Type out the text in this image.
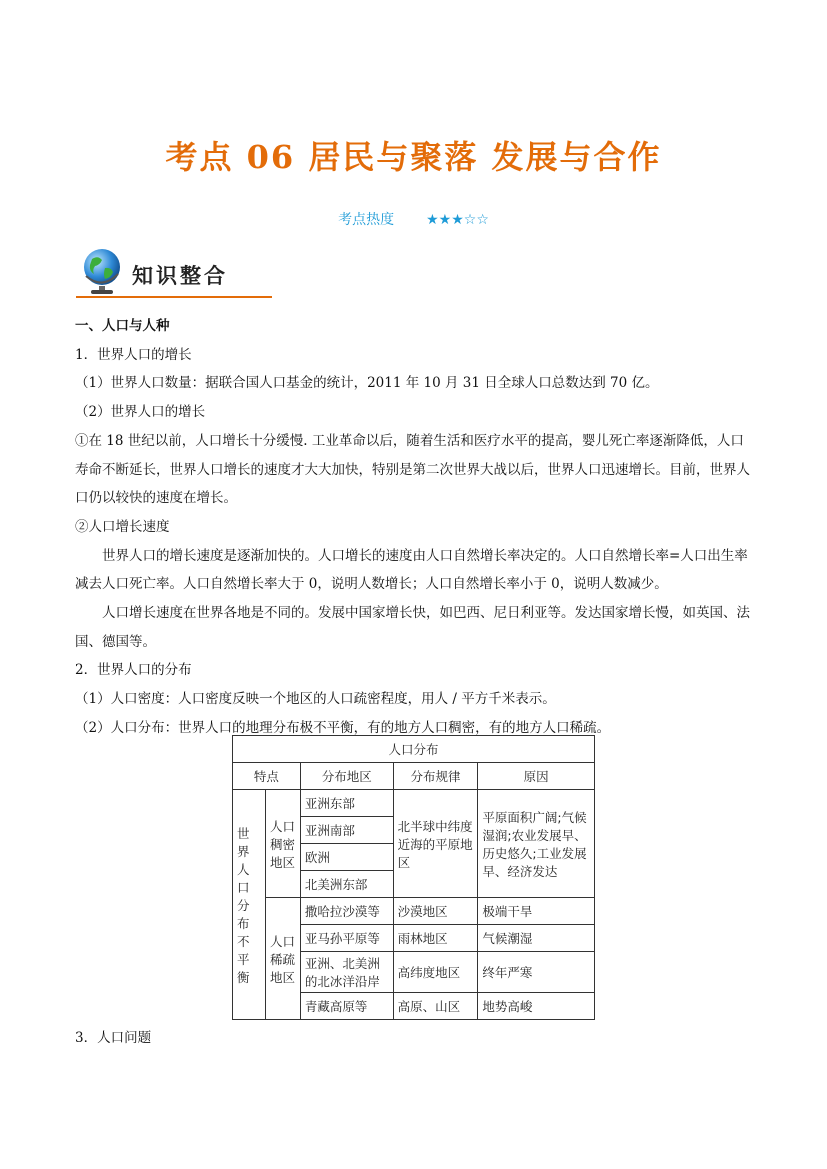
考点 06 居民与聚落 发展与合作
考点热度 ★★★☆☆
知识整合

一、人口与人种

1．世界人口的增长

（1）世界人口数量：据联合国人口基金的统计，2011 年 10 月 31 日全球人口总数达到 70 亿。

（2）世界人口的增长

①在 18 世纪以前，人口增长十分缓慢. 工业革命以后，随着生活和医疗水平的提高，婴儿死亡率逐渐降低，人口寿命不断延长，世界人口增长的速度才大大加快，特别是第二次世界大战以后，世界人口迅速增长。目前，世界人口仍以较快的速度在增长。

②人口增长速度

世界人口的增长速度是逐渐加快的。人口增长的速度由人口自然增长率决定的。人口自然增长率=人口出生率减去人口死亡率。人口自然增长率大于 0，说明人数增长；人口自然增长率小于 0，说明人数减少。

人口增长速度在世界各地是不同的。发展中国家增长快，如巴西、尼日利亚等。发达国家增长慢，如英国、法国、德国等。

2．世界人口的分布

（1）人口密度：人口密度反映一个地区的人口疏密程度，用人 / 平方千米表示。

（2）人口分布：世界人口的地理分布极不平衡，有的地方人口稠密，有的地方人口稀疏。

人口分布				
特点		分布地区	分布规律	原因
世界人口分布不平衡	人口稠密地区	亚洲东部	北半球中纬度近海的平原地区	平原面积广阔;气候湿润;农业发展早、历史悠久;工业发展早、经济发达
		亚洲南部		
		欧洲		
		北美洲东部		
	人口稀疏地区	撒哈拉沙漠等	沙漠地区	极端干旱
		亚马孙平原等	雨林地区	气候潮湿
		亚洲、北美洲的北冰洋沿岸	高纬度地区	终年严寒
		青藏高原等	高原、山区	地势高峻
3．人口问题
